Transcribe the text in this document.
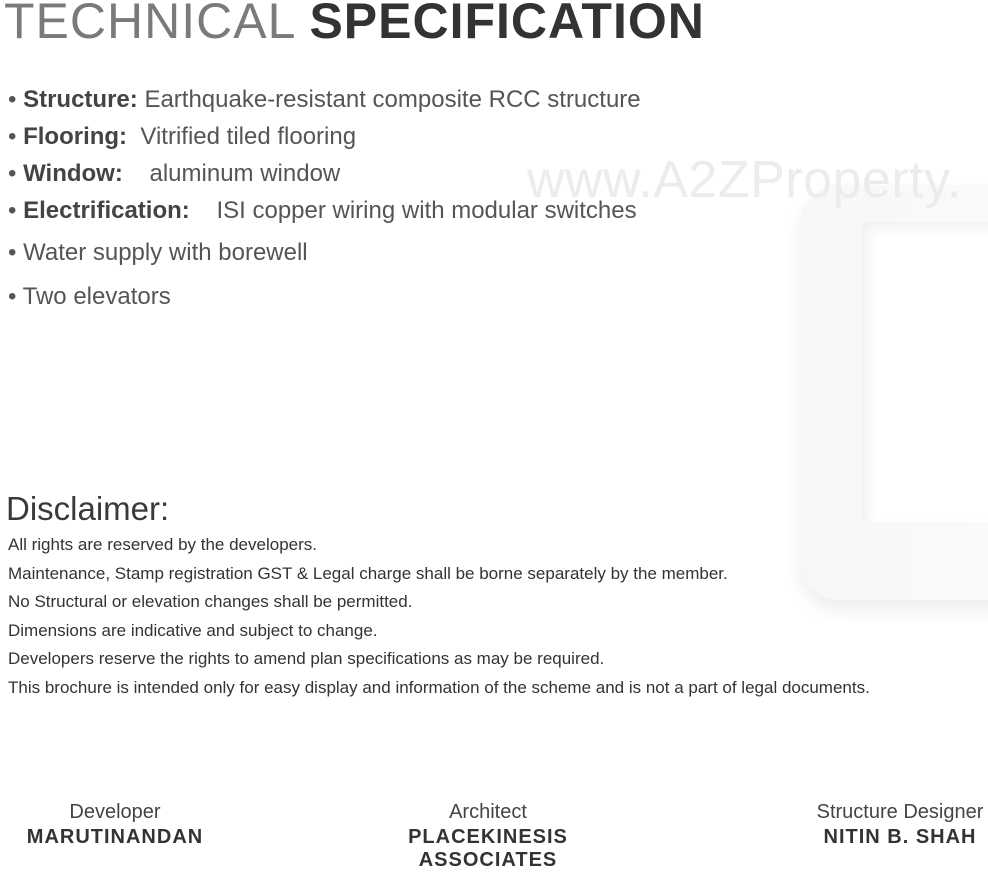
www.A2ZProperty.
TECHNICAL SPECIFICATION
• Structure: Earthquake-resistant composite RCC structure
• Flooring: Vitrified tiled flooring
• Window: aluminum window
• Electrification: ISI copper wiring with modular switches
• Water supply with borewell
• Two elevators
Disclaimer:
All rights are reserved by the developers.
Maintenance, Stamp registration GST & Legal charge shall be borne separately by the member.
No Structural or elevation changes shall be permitted.
Dimensions are indicative and subject to change.
Developers reserve the rights to amend plan specifications as may be required.
This brochure is intended only for easy display and information of the scheme and is not a part of legal documents.
Developer
MARUTINANDAN
Architect
PLACEKINESIS ASSOCIATES
Structure Designer
NITIN B. SHAH
